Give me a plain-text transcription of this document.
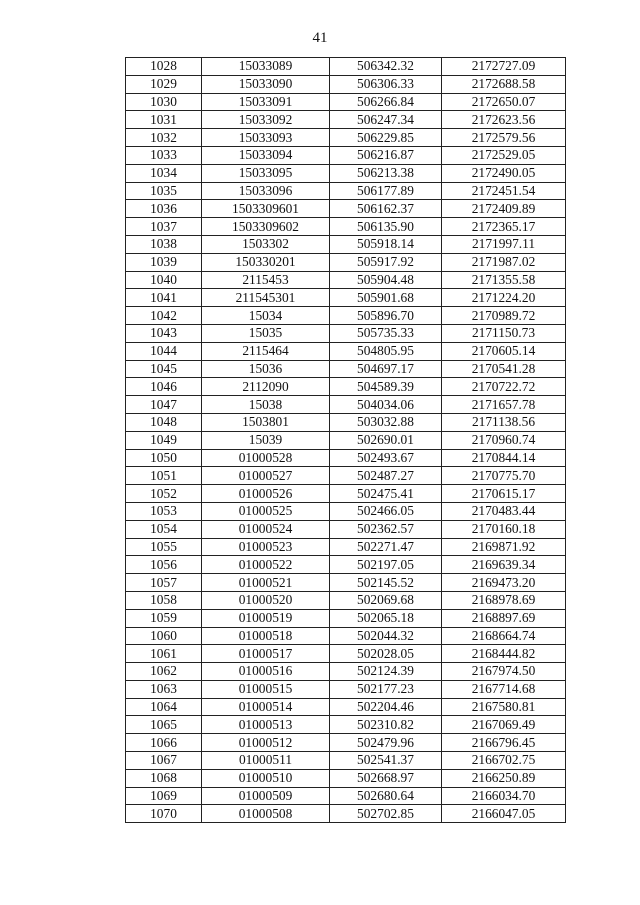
41
1028	15033089	506342.32	2172727.09
1029	15033090	506306.33	2172688.58
1030	15033091	506266.84	2172650.07
1031	15033092	506247.34	2172623.56
1032	15033093	506229.85	2172579.56
1033	15033094	506216.87	2172529.05
1034	15033095	506213.38	2172490.05
1035	15033096	506177.89	2172451.54
1036	1503309601	506162.37	2172409.89
1037	1503309602	506135.90	2172365.17
1038	1503302	505918.14	2171997.11
1039	150330201	505917.92	2171987.02
1040	2115453	505904.48	2171355.58
1041	211545301	505901.68	2171224.20
1042	15034	505896.70	2170989.72
1043	15035	505735.33	2171150.73
1044	2115464	504805.95	2170605.14
1045	15036	504697.17	2170541.28
1046	2112090	504589.39	2170722.72
1047	15038	504034.06	2171657.78
1048	1503801	503032.88	2171138.56
1049	15039	502690.01	2170960.74
1050	01000528	502493.67	2170844.14
1051	01000527	502487.27	2170775.70
1052	01000526	502475.41	2170615.17
1053	01000525	502466.05	2170483.44
1054	01000524	502362.57	2170160.18
1055	01000523	502271.47	2169871.92
1056	01000522	502197.05	2169639.34
1057	01000521	502145.52	2169473.20
1058	01000520	502069.68	2168978.69
1059	01000519	502065.18	2168897.69
1060	01000518	502044.32	2168664.74
1061	01000517	502028.05	2168444.82
1062	01000516	502124.39	2167974.50
1063	01000515	502177.23	2167714.68
1064	01000514	502204.46	2167580.81
1065	01000513	502310.82	2167069.49
1066	01000512	502479.96	2166796.45
1067	01000511	502541.37	2166702.75
1068	01000510	502668.97	2166250.89
1069	01000509	502680.64	2166034.70
1070	01000508	502702.85	2166047.05
